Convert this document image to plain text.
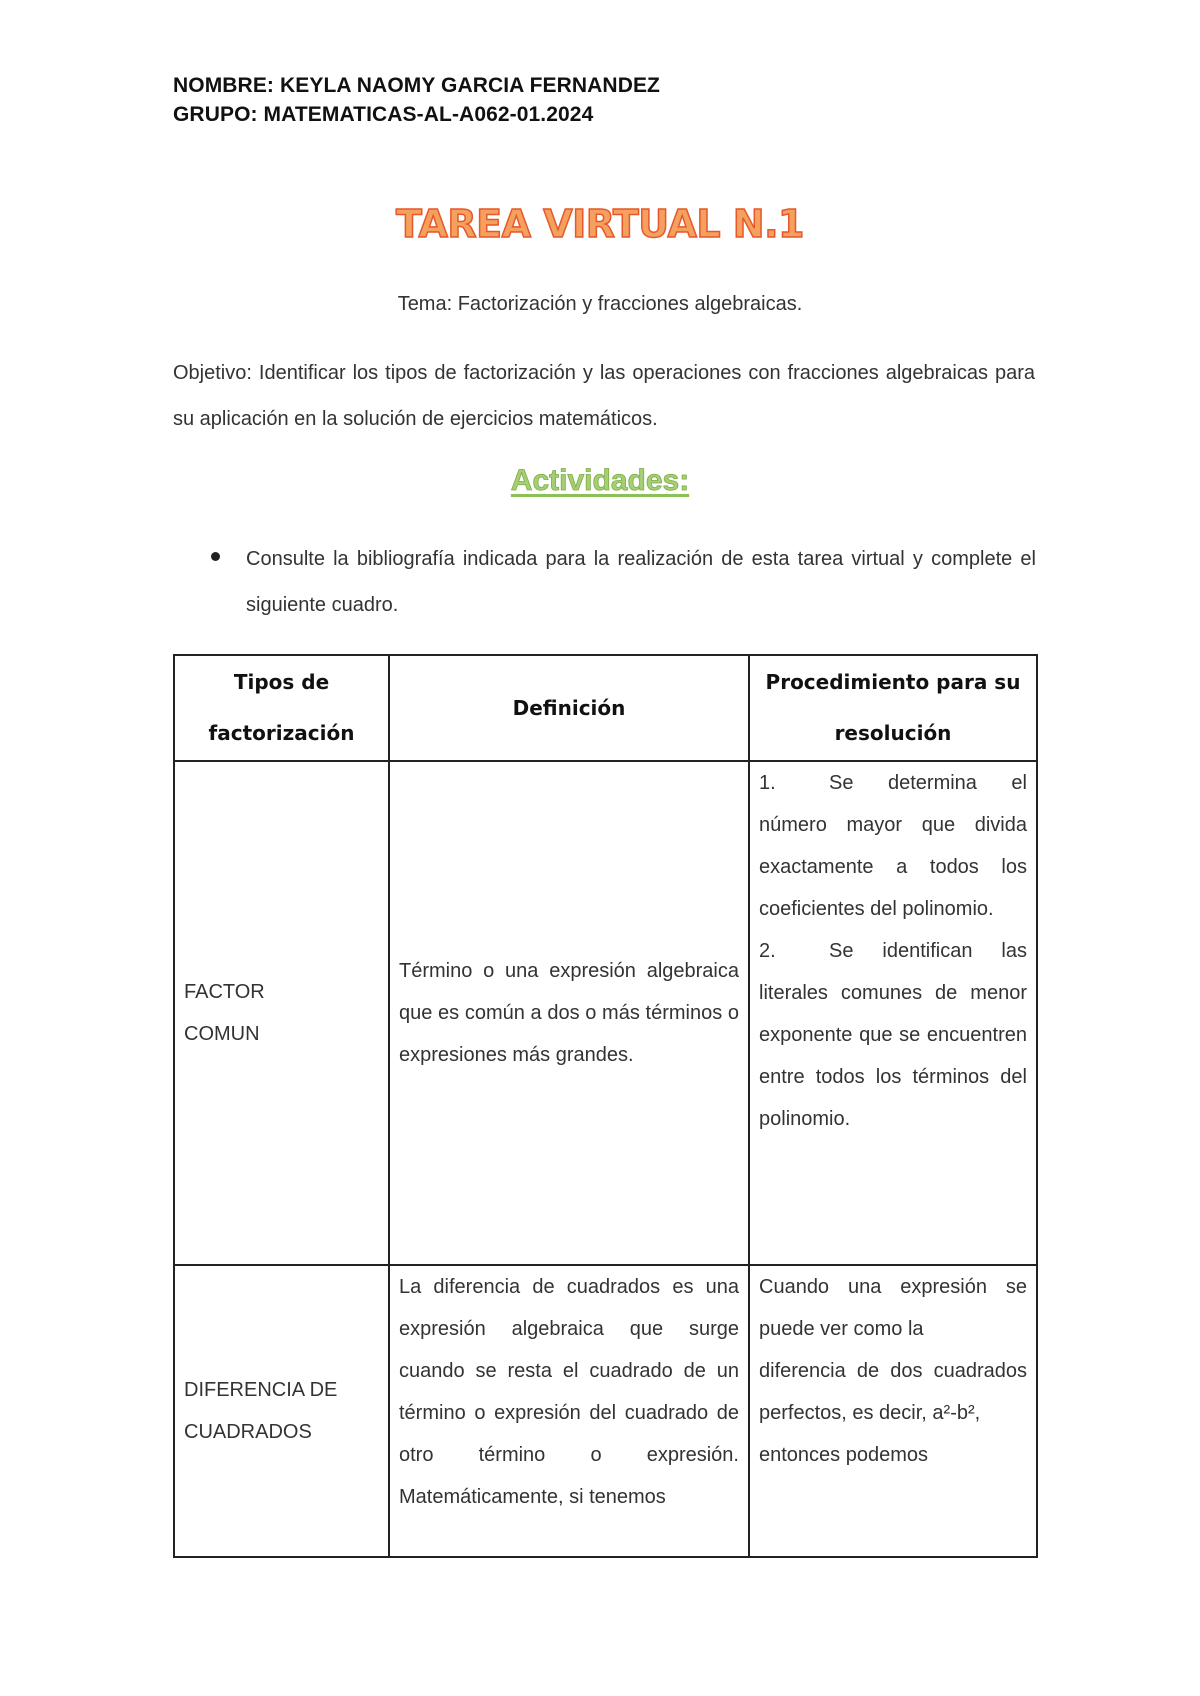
NOMBRE: KEYLA NAOMY GARCIA FERNANDEZ
GRUPO: MATEMATICAS-AL-A062-01.2024
TAREA VIRTUAL N.1
Tema: Factorización y fracciones algebraicas.

Objetivo: Identificar los tipos de factorización y las operaciones con fracciones algebraicas para su aplicación en la solución de ejercicios matemáticos.

Actividades:

Consulte la bibliografía indicada para la realización de esta tarea virtual y complete el siguiente cuadro.

Tipos de factorización	Definición	Procedimiento para su resolución
FACTOR COMUN	Término o una expresión algebraica que es común a dos o más términos o expresiones más grandes.	1. Se determina el número mayor que divida exactamente a todos los coeficientes del polinomio.
2. Se identifican las literales comunes de menor exponente que se encuentren entre todos los términos del polinomio.

DIFERENCIA DE CUADRADOS	La diferencia de cuadrados es una expresión algebraica que surge cuando se resta el cuadrado de un término o expresión del cuadrado de otro término o expresión. Matemáticamente, si tenemos	Cuando una expresión se
puede ver como la
diferencia de dos cuadrados
perfectos, es decir, a²-b²,
entonces podemos
